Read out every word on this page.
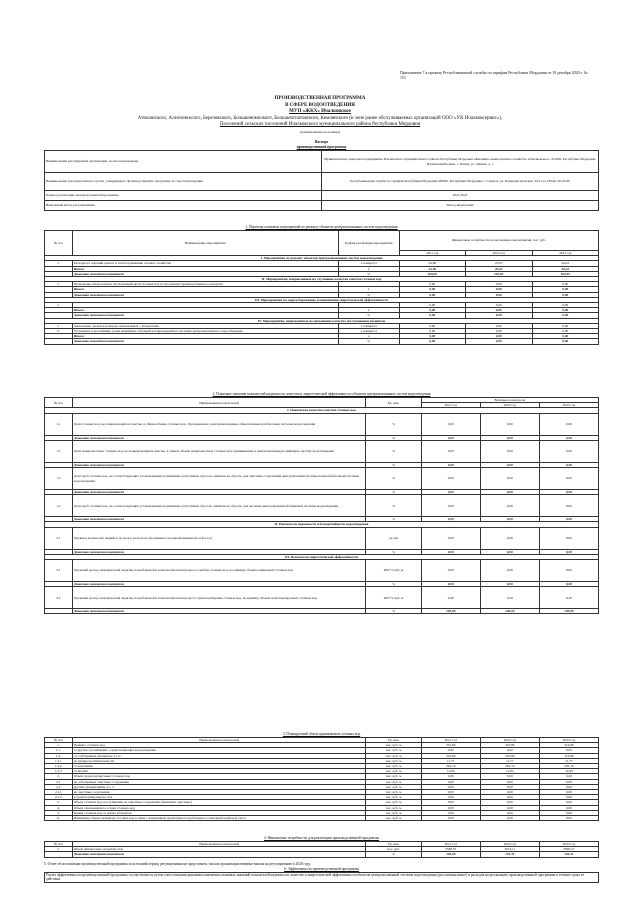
Приложение 7 к приказу Республиканской службы по тарифам Республики Мордовия от 19 декабря 2020 г. № 151
ПРОИЗВОДСТВЕННАЯ ПРОГРАММА
В СФЕРЕ ВОДООТВЕДЕНИЯ
МУП «ЖКХ» Ичалковское
Атюхинского, Алехновсксого, Березовского, Большеномоского, Большеигнатовского, Кемлянского (и зоне ранее обслуживаемых организаций ООО «УК Ичалковсервис»),
Поселений сельских поселений Ичалковского муниципального района Республики Мордовия
(наименование поселения)
Паспорт
производственной программы
Наименование регулируемой организации, ее местонахождение	Муниципальное унитарное предприятие Ичалковского муниципального района Республики Мордовия «Жилищно-коммунальное хозяйство «Ичалковское», 431640, Республика Мордовия, Ичалковский район, с. Кемля, ул. Ленина, д. 1
Наименование уполномоченного органа, утвердившего производственную программу, его местонахождение	Республиканская служба по тарифам Республики Мордовия 430005, Республика Мордовия, г. Саранск, ул. Коммунистическая, 33/2 тел. (8342) 39-23-80
Период реализации производственной программы	2021-2023
Выбранный метод регулирования	Метод индексации
1. Перечень плановых мероприятий по ремонту объектов централизованных систем водоотведения
№ п/п	Наименование мероприятия	График реализации мероприятия	Финансовые потребности на реализацию мероприятия, тыс. руб.		
			2021 год	2022 год	2023 год
I. Мероприятия по ремонту объектов централизованных систем водоотведения					
1.	Расходы на текущий ремонт и техобслуживание сетевого хозяйства	1-4 квартал	24,96	25,67	26,42
	Итого:	х	24,96	25,67	26,42
	Динамика изменения показателя	%	100,00	102,84	102,92
II. Мероприятия, направленные на улучшение качества очистки сточных вод					
1.	Проведение лабораторных исследований проб сточных вод по программе производственного контроля		0,00	0,00	0,00
	Итого:	х	0,00	0,00	0,00
	Динамика изменения показателя	%	0,00	0,00	0,00
III. Мероприятия по энергосбережению и повышению энергетической эффективности					
1.			0,00	0,00	0,00
	Итого:	х	0,00	0,00	0,00
	Динамика изменения показателя	%	0,00	0,00	0,00
IV. Мероприятия, направленные на повышение качества обслуживания абонентов					
1.	Заключение сделки договоров, заключаемых с абонентами	1-4 квартал	0,00	0,00	0,00
2.	Устранение в кратчайшие сроки аварийных ситуаций и повреждений на системах централизованного водоотведения	1-4 квартал	0,00	0,00	0,00
	Итого:	х	0,00	0,00	0,00
	Динамика изменения показателя	%	0,00	0,00	0,00
2. Плановые значения показателей надежности, качества и энергетической эффективности объектов централизованных систем водоотведения
№ п/п	Наименование показателей	Ед. изм.	Величина показателя		
			2021 год	2022 год	2023 год
I. Показатели качества очистки сточных вод					
1.1	Доля сточных вод, не подвергающихся очистке, в общем объеме сточных вод, сбрасываемых в централизованные общесплавные или бытовые системы водоотведения	%	0,00	0,00	0,00
	Динамика изменения показателя	%	0,00	0,00	0,00
1.2	Доля поверхностных сточных вод, не подвергающихся очистке, в общем объеме поверхностных сточных вод, принимаемых в централизованную ливневую систему водоотведения	%	0,00	0,00	0,00
	Динамика изменения показателя	%	0,00	0,00	0,00
1.3	Доля проб сточных вод, не соответствующих установленным нормативам допустимых сбросов, лимитам на сбросы, для очистных сооружений централизованной общесплавной (бытовой) системы водоотведения	%	0,00	0,00	0,00
	Динамика изменения показателя	%	0,00	0,00	0,00
1.4	Доля проб сточных вод, не соответствующих установленным нормативам допустимых сбросов, лимитам на сбросы, для системы централизованной ливневой системы водоотведения	%	0,00	0,00	0,00
	Динамика изменения показателя	%	0,00	0,00	0,00
II. Показатели надежности и бесперебойности водоотведения					
2.1	Удельное количество аварий и засоров в расчете на протяженность канализационной сети в год	ед./км	0,00	0,00	0,00
	Динамика изменения показателя	%	0,00	0,00	0,00
III. Показатели энергетической эффективности					
3.1	Удельный расход электрической энергии, потребляемой в технологическом процессе очистки сточных вод, на единицу объема очищаемых сточных вод	кВт*ч/ куб. м	0,00	0,00	0,00
	Динамика изменения показателя	%	0,00	0,00	0,00
3.2	Удельный расход электрической энергии, потребляемой в технологическом процессе транспортировки сточных вод, на единицу объема транспортируемых сточных вод	кВт*ч/ куб. м	0,29	0,29	0,29
	Динамика изменения показателя	%	100,00	100,00	100,00
3. Планируемый объем принимаемых сточных вод
№ п/п	Наименование показателей	Ед. изм.	2021 год	2022 год	2023 год
1.	Принято сточных вод	тыс. куб. м	316,80	316,80	316,80
1.1.	от других организаций, осуществляющих водоотведение	тыс. куб. м	0,00	0,00	0,00
1.2.	от собственных абонентов, в т.ч.:	тыс. куб. м	316,80	316,80	316,80
1.2.1	на нужды промышленности	тыс. куб. м	11,77	11,77	11,77
1.2.2	от населения	тыс. куб. м	292,19	292,19	292,19
1.2.3	от прочих	тыс. куб. м	12,84	12,84	12,84
2.	Объем транспортируемых сточных вод	тыс. куб. м	0,00	0,00	0,00
2.1	на собственные очистные сооружения	тыс. куб. м	0,00	0,00	0,00
2.2	другим организациям, в т. ч.	тыс. куб. м	0,00	0,00	0,00
2.2.1	на очистные сооружения	тыс. куб. м	0,00	0,00	0,00
2.2.2	в транспортирующую сеть	тыс. куб. м	0,00	0,00	0,00
3.	Объем сточных вод, поступивших на очистные сооружения (принятых очистных)	тыс. куб. м	0,00	0,00	0,00
4.	Объем обезвоженного осадка сточных вод	тыс. куб. м	0,00	0,00	0,00
5.	Прием сточных вод от новых абонентов	тыс. куб. м	0,00	0,00	0,00
6.	Изменение объема принятых сточных вод в связи с изменением нормативов потребления и установкой приборов учета	тыс. куб. м	0,00	0,00	0,00
4. Финансовые потребности для реализации производственной программы
№ п/п	Наименование показателей	Ед. изм.	2021 год	2022 год	2023 год
1.	Объем финансовых потребностей	тыс. руб.	5598,55	5674,11	5805,37
	Динамика изменения показателя	%	100,00	101,35	102,31
5. Отчет об исполнении производственной программы за истекший период регулирования не представлен, так как организация впервые вышла на регулирование в 2020 году.
6. Эффективность производственной программы
Расчет эффективности производственной программы осуществляется путем сопоставления динамики изменения плановых значений показателей надежности, качества и энергетической эффективности объектов централизованной системы водоотведения (рассчитаны выше) и расходов на реализацию производственной программы в течение срока ее действия.
